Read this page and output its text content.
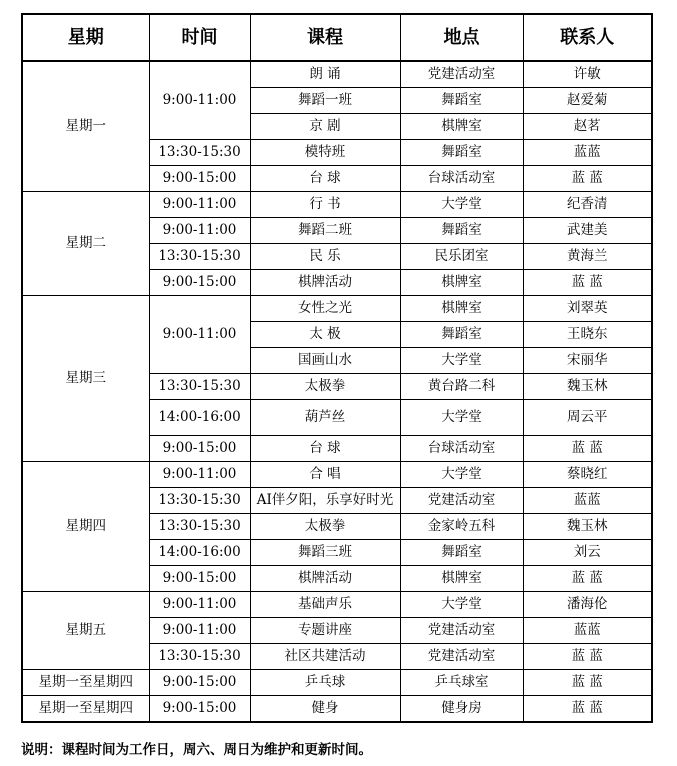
星期	时间	课程	地点	联系人
星期一	9:00-11:00	朗 诵	党建活动室	许敏
		舞蹈一班	舞蹈室	赵爱菊
		京 剧	棋牌室	赵茗
	13:30-15:30	模特班	舞蹈室	蓝蓝
	9:00-15:00	台 球	台球活动室	蓝 蓝
星期二	9:00-11:00	行 书	大学堂	纪香清
	9:00-11:00	舞蹈二班	舞蹈室	武建美
	13:30-15:30	民 乐	民乐团室	黄海兰
	9:00-15:00	棋牌活动	棋牌室	蓝 蓝
星期三	9:00-11:00	女性之光	棋牌室	刘翠英
		太 极	舞蹈室	王晓东
		国画山水	大学堂	宋丽华
	13:30-15:30	太极拳	黄台路二科	魏玉林
	14:00-16:00	葫芦丝	大学堂	周云平
	9:00-15:00	台 球	台球活动室	蓝 蓝
星期四	9:00-11:00	合 唱	大学堂	蔡晓红
	13:30-15:30	AI伴夕阳，乐享好时光	党建活动室	蓝蓝
	13:30-15:30	太极拳	金家岭五科	魏玉林
	14:00-16:00	舞蹈三班	舞蹈室	刘云
	9:00-15:00	棋牌活动	棋牌室	蓝 蓝
星期五	9:00-11:00	基础声乐	大学堂	潘海伦
	9:00-11:00	专题讲座	党建活动室	蓝蓝
	13:30-15:30	社区共建活动	党建活动室	蓝 蓝
星期一至星期四	9:00-15:00	乒乓球	乒乓球室	蓝 蓝
星期一至星期四	9:00-15:00	健身	健身房	蓝 蓝
说明：课程时间为工作日，周六、周日为维护和更新时间。
